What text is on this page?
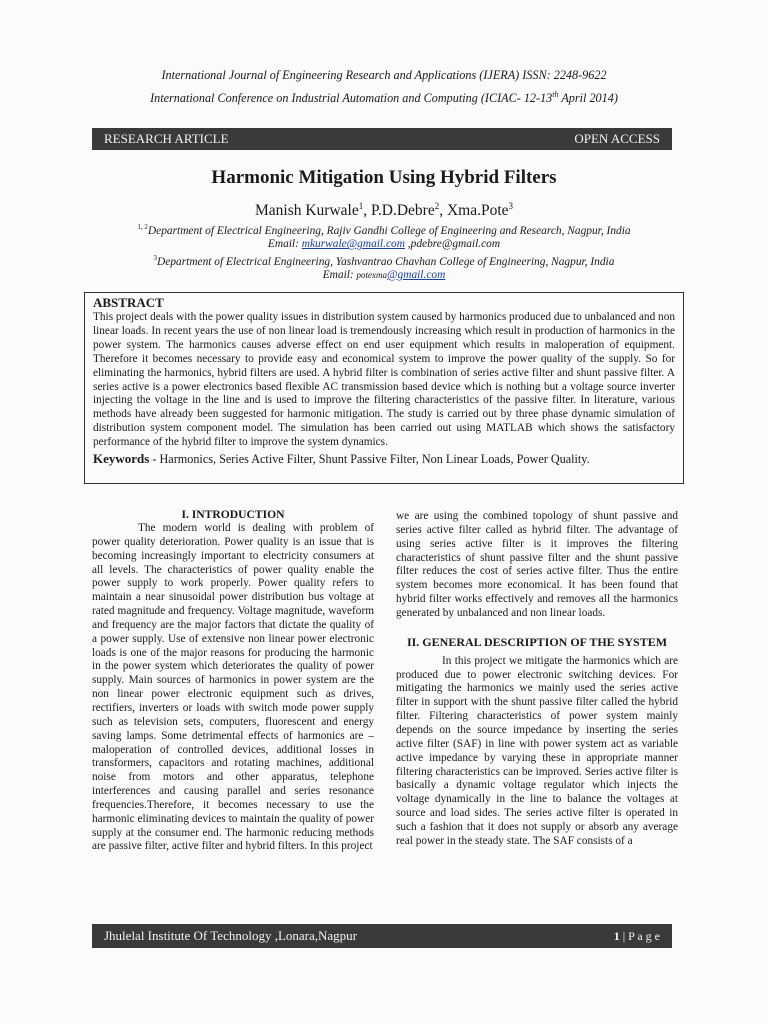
International Journal of Engineering Research and Applications (IJERA) ISSN: 2248-9622
International Conference on Industrial Automation and Computing (ICIAC- 12-13th April 2014)
RESEARCH ARTICLE	OPEN ACCESS
Harmonic Mitigation Using Hybrid Filters
Manish Kurwale$^1$, P.D.Debre$^2$, Xma.Pote$^3$
$^{1, 2}$Department of Electrical Engineering, Rajiv Gandhi College of Engineering and Research, Nagpur, India
Email: mkurwale@gmail.com ,pdebre@gmail.com
$^3$Department of Electrical Engineering, Yashvantrao Chavhan College of Engineering, Nagpur, India
Email: potexma@gmail.com
ABSTRACT
This project deals with the power quality issues in distribution system caused by harmonics produced due to unbalanced and non linear loads. In recent years the use of non linear load is tremendously increasing which result in production of harmonics in the power system. The harmonics causes adverse effect on end user equipment which results in maloperation of equipment. Therefore it becomes necessary to provide easy and economical system to improve the power quality of the supply. So for eliminating the harmonics, hybrid filters are used. A hybrid filter is combination of series active filter and shunt passive filter. A series active is a power electronics based flexible AC transmission based device which is nothing but a voltage source inverter injecting the voltage in the line and is used to improve the filtering characteristics of the passive filter. In literature, various methods have already been suggested for harmonic mitigation. The study is carried out by three phase dynamic simulation of distribution system component model. The simulation has been carried out using MATLAB which shows the satisfactory performance of the hybrid filter to improve the system dynamics.
Keywords - Harmonics, Series Active Filter, Shunt Passive Filter, Non Linear Loads, Power Quality.

I. INTRODUCTION

The modern world is dealing with problem of power quality deterioration. Power quality is an issue that is becoming increasingly important to electricity consumers at all levels. The characteristics of power quality enable the power supply to work properly. Power quality refers to maintain a near sinusoidal power distribution bus voltage at rated magnitude and frequency. Voltage magnitude, waveform and frequency are the major factors that dictate the quality of a power supply. Use of extensive non linear power electronic loads is one of the major reasons for producing the harmonic in the power system which deteriorates the quality of power supply. Main sources of harmonics in power system are the non linear power electronic equipment such as drives, rectifiers, inverters or loads with switch mode power supply such as television sets, computers, fluorescent and energy saving lamps. Some detrimental effects of harmonics are – maloperation of controlled devices, additional losses in transformers, capacitors and rotating machines, additional noise from motors and other apparatus, telephone interferences and causing parallel and series resonance frequencies.Therefore, it becomes necessary to use the harmonic eliminating devices to maintain the quality of power supply at the consumer end. The harmonic reducing methods are passive filter, active filter and hybrid filters. In this project

we are using the combined topology of shunt passive and series active filter called as hybrid filter. The advantage of using series active filter is it improves the filtering characteristics of shunt passive filter and the shunt passive filter reduces the cost of series active filter. Thus the entire system becomes more economical. It has been found that hybrid filter works effectively and removes all the harmonics generated by unbalanced and non linear loads.

II. GENERAL DESCRIPTION OF THE SYSTEM

In this project we mitigate the harmonics which are produced due to power electronic switching devices. For mitigating the harmonics we mainly used the series active filter in support with the shunt passive filter called the hybrid filter. Filtering characteristics of power system mainly depends on the source impedance by inserting the series active filter (SAF) in line with power system act as variable active impedance by varying these in appropriate manner filtering characteristics can be improved. Series active filter is basically a dynamic voltage regulator which injects the voltage dynamically in the line to balance the voltages at source and load sides. The series active filter is operated in such a fashion that it does not supply or absorb any average real power in the steady state. The SAF consists of a

Jhulelal Institute Of Technology ,Lonara,Nagpur	1 | P a g e
